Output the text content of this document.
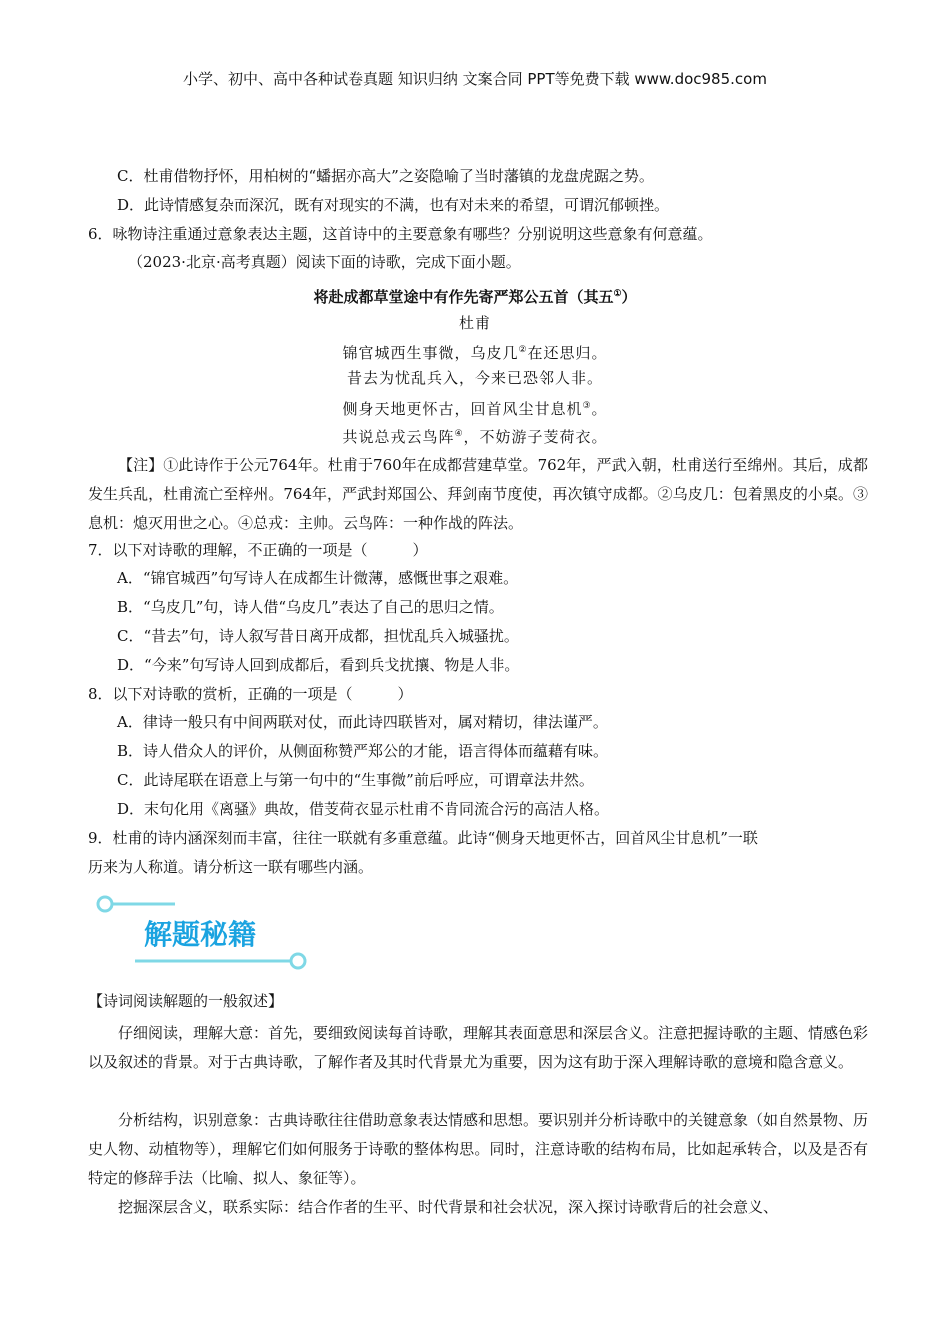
小学、初中、高中各种试卷真题 知识归纳 文案合同 PPT等免费下载 www.doc985.com
C．杜甫借物抒怀，用柏树的“蟠据亦高大”之姿隐喻了当时藩镇的龙盘虎踞之势。
D．此诗情感复杂而深沉，既有对现实的不满，也有对未来的希望，可谓沉郁顿挫。
6．咏物诗注重通过意象表达主题，这首诗中的主要意象有哪些？分别说明这些意象有何意蕴。
（2023·北京·高考真题）阅读下面的诗歌，完成下面小题。
将赴成都草堂途中有作先寄严郑公五首（其五①）
杜甫
锦官城西生事微，乌皮几②在还思归。
昔去为忧乱兵入，今来已恐邻人非。
侧身天地更怀古，回首风尘甘息机③。
共说总戎云鸟阵④，不妨游子芰荷衣。

【注】①此诗作于公元764年。杜甫于760年在成都营建草堂。762年，严武入朝，杜甫送行至绵州。其后，成都发生兵乱，杜甫流亡至梓州。764年，严武封郑国公、拜剑南节度使，再次镇守成都。②乌皮几：包着黑皮的小桌。③息机：熄灭用世之心。④总戎：主帅。云鸟阵：一种作战的阵法。

7．以下对诗歌的理解，不正确的一项是（　　　）
A．“锦官城西”句写诗人在成都生计微薄，感慨世事之艰难。
B．“乌皮几”句，诗人借“乌皮几”表达了自己的思归之情。
C．“昔去”句，诗人叙写昔日离开成都，担忧乱兵入城骚扰。
D．“今来”句写诗人回到成都后，看到兵戈扰攘、物是人非。
8．以下对诗歌的赏析，正确的一项是（　　　）
A．律诗一般只有中间两联对仗，而此诗四联皆对，属对精切，律法谨严。
B．诗人借众人的评价，从侧面称赞严郑公的才能，语言得体而蕴藉有味。
C．此诗尾联在语意上与第一句中的“生事微”前后呼应，可谓章法井然。
D．末句化用《离骚》典故，借芰荷衣显示杜甫不肯同流合污的高洁人格。
9．杜甫的诗内涵深刻而丰富，往往一联就有多重意蕴。此诗“侧身天地更怀古，回首风尘甘息机”一联
历来为人称道。请分析这一联有哪些内涵。
解题秘籍
【诗词阅读解题的一般叙述】

仔细阅读，理解大意：首先，要细致阅读每首诗歌，理解其表面意思和深层含义。注意把握诗歌的主题、情感色彩以及叙述的背景。对于古典诗歌，了解作者及其时代背景尤为重要，因为这有助于深入理解诗歌的意境和隐含意义。

分析结构，识别意象：古典诗歌往往借助意象表达情感和思想。要识别并分析诗歌中的关键意象（如自然景物、历史人物、动植物等），理解它们如何服务于诗歌的整体构思。同时，注意诗歌的结构布局，比如起承转合，以及是否有特定的修辞手法（比喻、拟人、象征等）。

挖掘深层含义，联系实际：结合作者的生平、时代背景和社会状况，深入探讨诗歌背后的社会意义、
